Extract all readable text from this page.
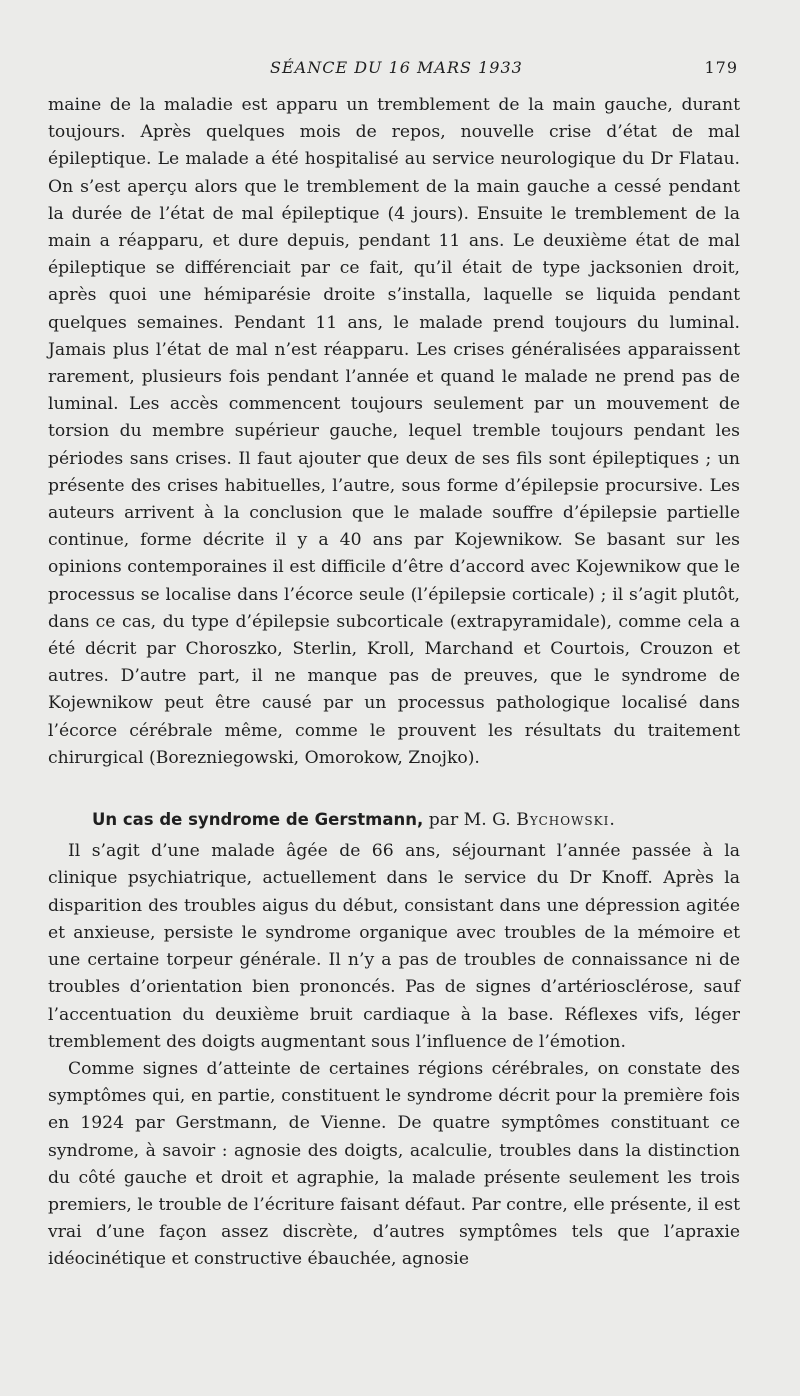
SÉANCE DU 16 MARS 1933	179

maine de la maladie est apparu un tremblement de la main gauche, durant toujours. Après quelques mois de repos, nouvelle crise d’état de mal épileptique. Le malade a été hospitalisé au service neurologique du Dr Flatau. On s’est aperçu alors que le tremblement de la main gauche a cessé pendant la durée de l’état de mal épileptique (4 jours). Ensuite le tremblement de la main a réapparu, et dure depuis, pendant 11 ans. Le deuxième état de mal épileptique se différenciait par ce fait, qu’il était de type jacksonien droit, après quoi une hémiparésie droite s’installa, laquelle se liquida pendant quelques semaines. Pendant 11 ans, le malade prend toujours du luminal. Jamais plus l’état de mal n’est réapparu. Les crises généralisées apparaissent rarement, plusieurs fois pendant l’année et quand le malade ne prend pas de luminal. Les accès commencent toujours seulement par un mouvement de torsion du membre supérieur gauche, lequel tremble toujours pendant les périodes sans crises. Il faut ajouter que deux de ses fils sont épileptiques ; un présente des crises habituelles, l’autre, sous forme d’épilepsie procursive. Les auteurs arrivent à la conclusion que le malade souffre d’épilepsie partielle continue, forme décrite il y a 40 ans par Kojewnikow. Se basant sur les opinions contemporaines il est difficile d’être d’accord avec Kojewnikow que le processus se localise dans l’écorce seule (l’épilepsie corticale) ; il s’agit plutôt, dans ce cas, du type d’épilepsie subcorticale (extrapyramidale), comme cela a été décrit par Choroszko, Sterlin, Kroll, Marchand et Courtois, Crouzon et autres. D’autre part, il ne manque pas de preuves, que le syndrome de Kojewnikow peut être causé par un processus pathologique localisé dans l’écorce cérébrale même, comme le prouvent les résultats du traitement chirurgical (Borezniegowski, Omorokow, Znojko).

Un cas de syndrome de Gerstmann, par M. G. Bychowski.

Il s’agit d’une malade âgée de 66 ans, séjournant l’année passée à la clinique psychiatrique, actuellement dans le service du Dr Knoff. Après la disparition des troubles aigus du début, consistant dans une dépression agitée et anxieuse, persiste le syndrome organique avec troubles de la mémoire et une certaine torpeur générale. Il n’y a pas de troubles de connaissance ni de troubles d’orientation bien prononcés. Pas de signes d’artériosclérose, sauf l’accentuation du deuxième bruit cardiaque à la base. Réflexes vifs, léger tremblement des doigts augmentant sous l’influence de l’émotion.

Comme signes d’atteinte de certaines régions cérébrales, on constate des symptômes qui, en partie, constituent le syndrome décrit pour la première fois en 1924 par Gerstmann, de Vienne. De quatre symptômes constituant ce syndrome, à savoir : agnosie des doigts, acalculie, troubles dans la distinction du côté gauche et droit et agraphie, la malade présente seulement les trois premiers, le trouble de l’écriture faisant défaut. Par contre, elle présente, il est vrai d’une façon assez discrète, d’autres symptômes tels que l’apraxie idéocinétique et constructive ébauchée, agnosie
